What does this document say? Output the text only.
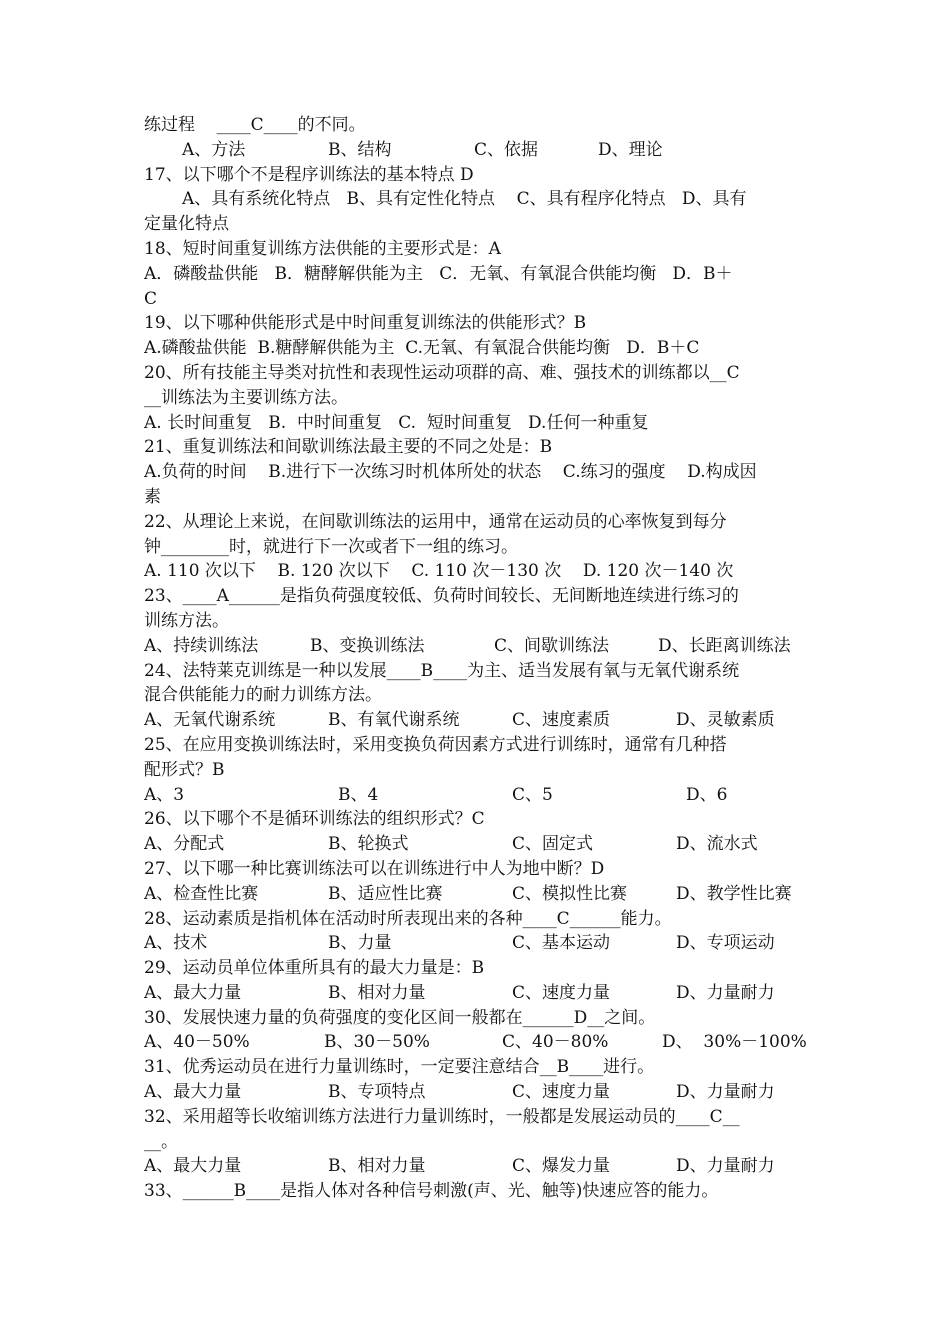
练过程    ____C____的不同。
A、方法	B、结构	C、依据	D、理论
17、以下哪个不是程序训练法的基本特点 D
A、具有系统化特点   B、具有定性化特点    C、具有程序化特点   D、具有
定量化特点
18、短时间重复训练方法供能的主要形式是：A
A．磷酸盐供能   B．糖酵解供能为主   C．无氧、有氧混合供能均衡   D．B＋
C
19、以下哪种供能形式是中时间重复训练法的供能形式？B
A.磷酸盐供能  B.糖酵解供能为主  C.无氧、有氧混合供能均衡   D．B＋C
20、所有技能主导类对抗性和表现性运动项群的高、难、强技术的训练都以__C
__训练法为主要训练方法。
A. 长时间重复   B.  中时间重复   C.  短时间重复   D.任何一种重复
21、重复训练法和间歇训练法最主要的不同之处是：B
A.负荷的时间    B.进行下一次练习时机体所处的状态    C.练习的强度    D.构成因
素
22、从理论上来说，在间歇训练法的运用中，通常在运动员的心率恢复到每分
钟________时，就进行下一次或者下一组的练习。
A. 110 次以下    B. 120 次以下    C. 110 次－130 次    D. 120 次－140 次
23、____A______是指负荷强度较低、负荷时间较长、无间断地连续进行练习的
训练方法。
A、持续训练法	B、变换训练法	C、间歇训练法	D、长距离训练法
24、法特莱克训练是一种以发展____B____为主、适当发展有氧与无氧代谢系统
混合供能能力的耐力训练方法。
A、无氧代谢系统	B、有氧代谢系统	C、速度素质	D、灵敏素质
25、在应用变换训练法时，采用变换负荷因素方式进行训练时，通常有几种搭
配形式？B
A、3	B、4	C、5	D、6
26、以下哪个不是循环训练法的组织形式？C
A、分配式	B、轮换式	C、固定式	D、流水式
27、以下哪一种比赛训练法可以在训练进行中人为地中断？D
A、检查性比赛	B、适应性比赛	C、模拟性比赛	D、教学性比赛
28、运动素质是指机体在活动时所表现出来的各种____C______能力。
A、技术	B、力量	C、基本运动	D、专项运动
29、运动员单位体重所具有的最大力量是：B
A、最大力量	B、相对力量	C、速度力量	D、力量耐力
30、发展快速力量的负荷强度的变化区间一般都在______D__之间。
A、40－50%	B、30－50%	C、40－80%	D、  30%－100%
31、优秀运动员在进行力量训练时，一定要注意结合__B____进行。
A、最大力量	B、专项特点	C、速度力量	D、力量耐力
32、采用超等长收缩训练方法进行力量训练时，一般都是发展运动员的____C__
__。
A、最大力量	B、相对力量	C、爆发力量	D、力量耐力
33、______B____是指人体对各种信号刺激(声、光、触等)快速应答的能力。
